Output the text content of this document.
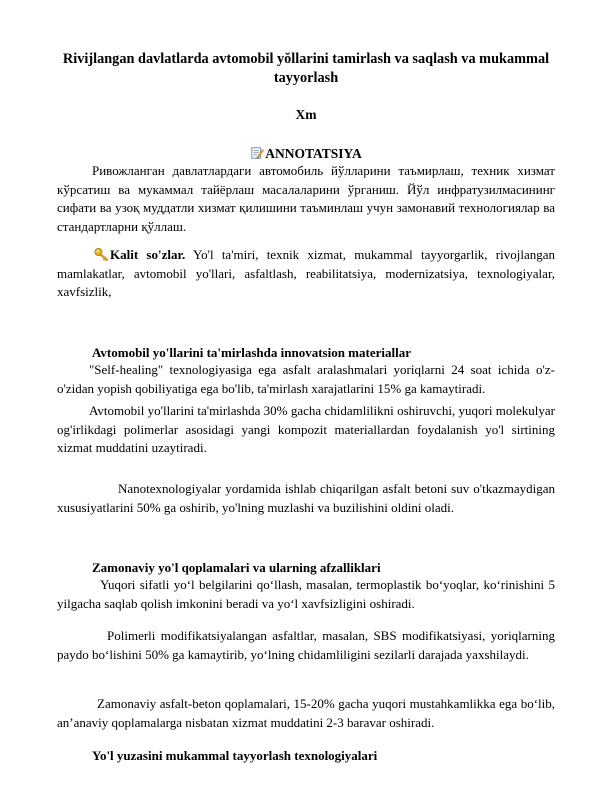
Rivijlangan davlatlarda avtomobil yŏllarini tamirlash va saqlash va mukammal tayyorlash
Xm
ANNOTATSIYA

Ривожланган давлатлардаги автомобиль йўлларини таъмирлаш, техник хизмат кўрсатиш ва мукаммал тайёрлаш масалаларини ўрганиш. Йўл инфратузилмасининг сифати ва узоқ муддатли хизмат қилишини таъминлаш учун замонавий технологиялар ва стандартларни қўллаш.

Kalit so'zlar. Yo'l ta'miri, texnik xizmat, mukammal tayyorgarlik, rivojlangan mamlakatlar, avtomobil yo'llari, asfaltlash, reabilitatsiya, modernizatsiya, texnologiyalar, xavfsizlik,

Avtomobil yo'llarini ta'mirlashda innovatsion materiallar

"Self-healing" texnologiyasiga ega asfalt aralashmalari yoriqlarni 24 soat ichida o'z-o'zidan yopish qobiliyatiga ega bo'lib, ta'mirlash xarajatlarini 15% ga kamaytiradi.

Avtomobil yo'llarini ta'mirlashda 30% gacha chidamlilikni oshiruvchi, yuqori molekulyar og'irlikdagi polimerlar asosidagi yangi kompozit materiallardan foydalanish yo'l sirtining xizmat muddatini uzaytiradi.

Nanotexnologiyalar yordamida ishlab chiqarilgan asfalt betoni suv o'tkazmaydigan xususiyatlarini 50% ga oshirib, yo'lning muzlashi va buzilishini oldini oladi.

Zamonaviy yo'l qoplamalari va ularning afzalliklari

Yuqori sifatli yo‘l belgilarini qo‘llash, masalan, termoplastik bo‘yoqlar, ko‘rinishini 5 yilgacha saqlab qolish imkonini beradi va yo‘l xavfsizligini oshiradi.

Polimerli modifikatsiyalangan asfaltlar, masalan, SBS modifikatsiyasi, yoriqlarning paydo bo‘lishini 50% ga kamaytirib, yo‘lning chidamliligini sezilarli darajada yaxshilaydi.

Zamonaviy asfalt-beton qoplamalari, 15-20% gacha yuqori mustahkamlikka ega bo‘lib, an’anaviy qoplamalarga nisbatan xizmat muddatini 2-3 baravar oshiradi.

Yo'l yuzasini mukammal tayyorlash texnologiyalari
